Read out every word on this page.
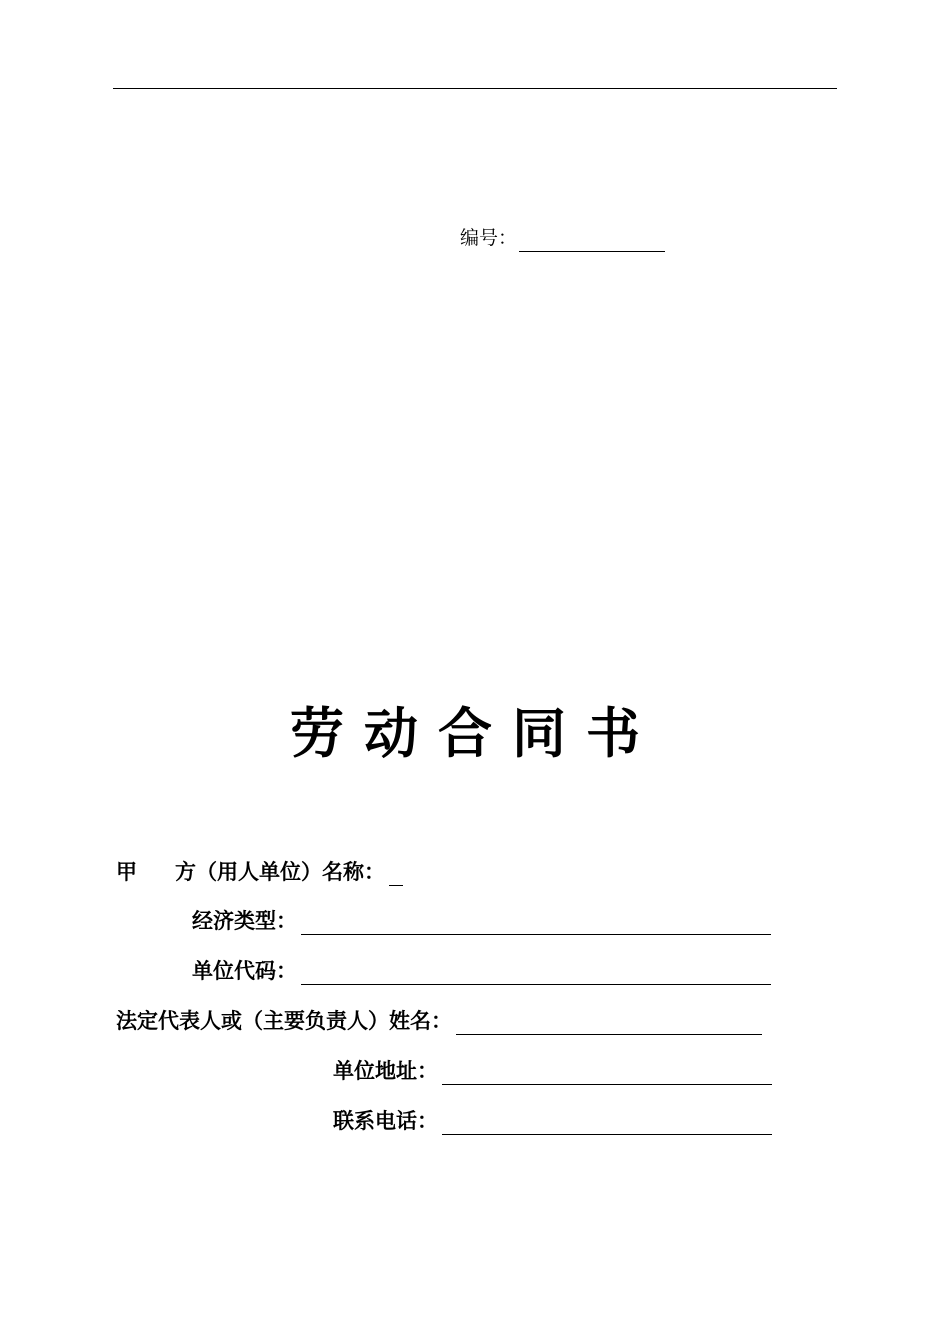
编号：
劳动合同书
甲 方（用人单位）名称：
经济类型：
单位代码：
法定代表人或（主要负责人）姓名：
单位地址：
联系电话：
